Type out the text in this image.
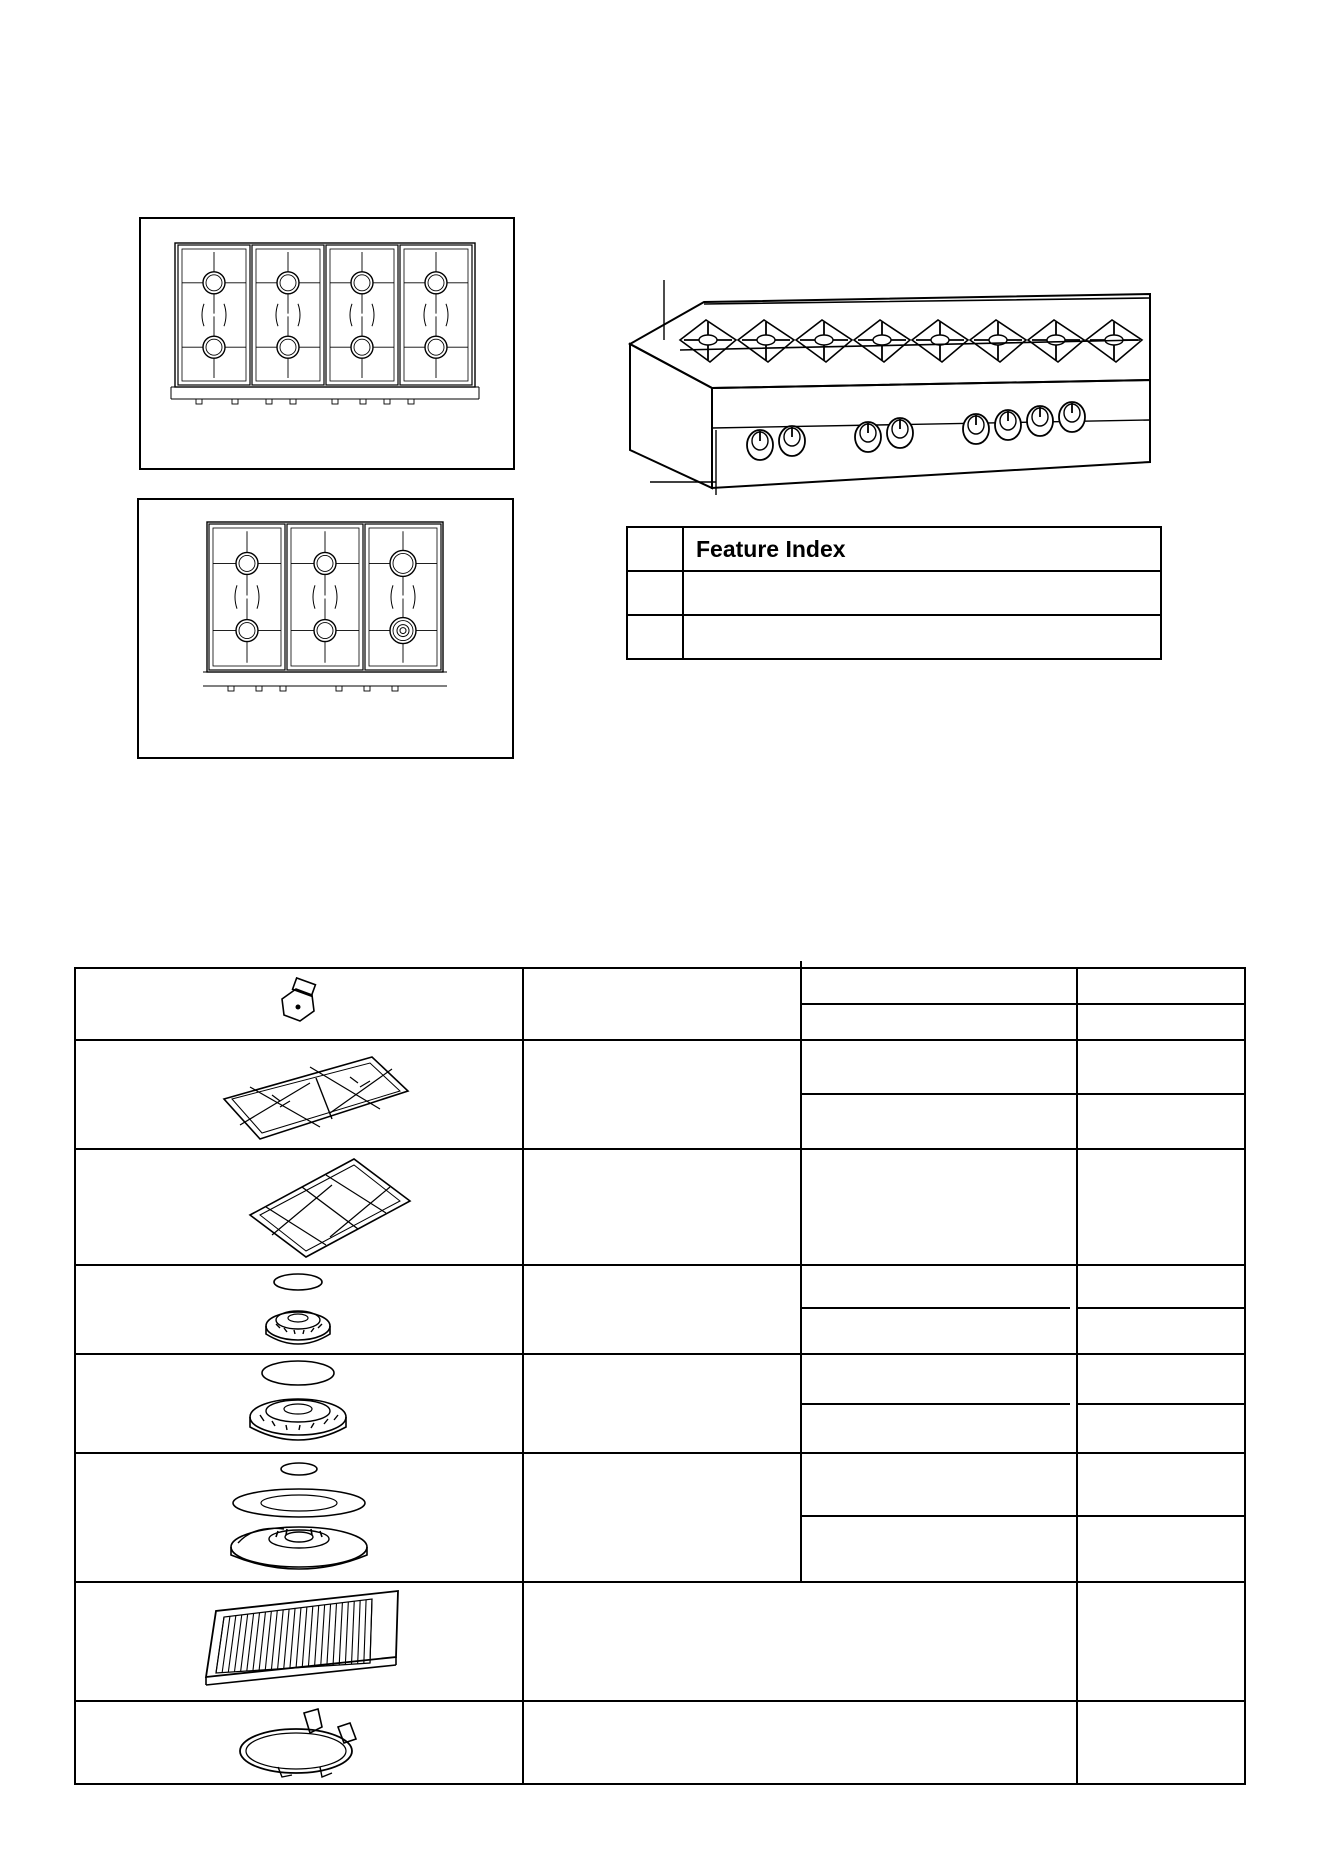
	Feature Index
